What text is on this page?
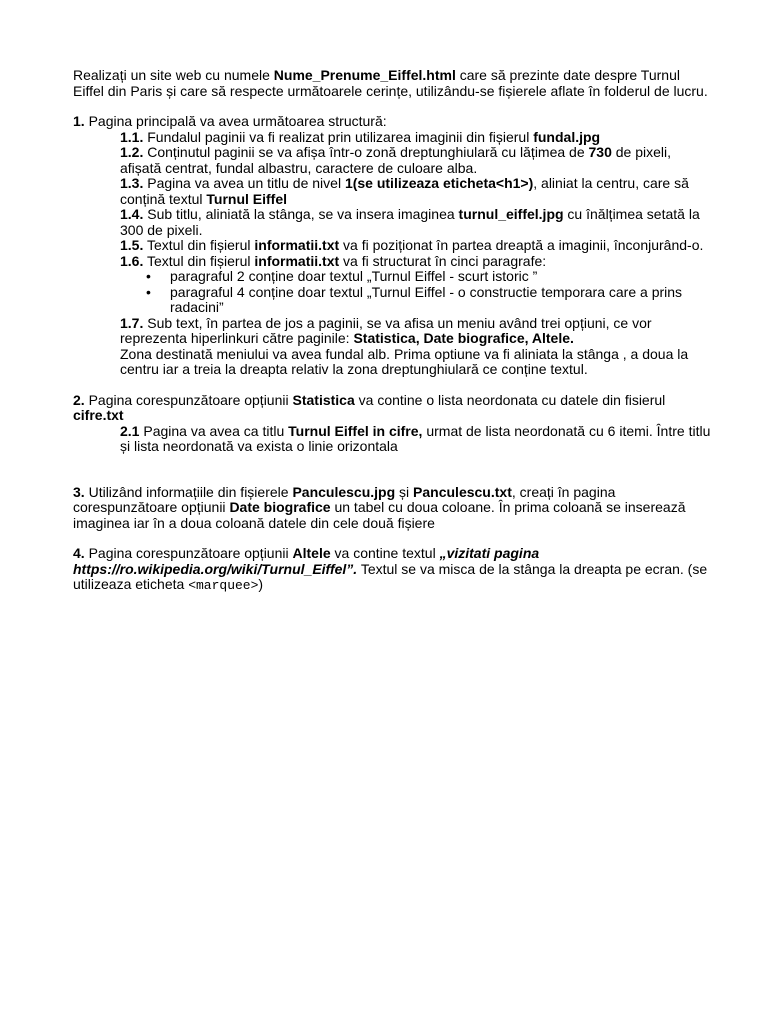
Realizați un site web cu numele Nume_Prenume_Eiffel.html care să prezinte date despre Turnul Eiffel din Paris și care să respecte următoarele cerințe, utilizându-se fișierele aflate în folderul de lucru.

1. Pagina principală va avea următoarea structură:

1.1. Fundalul paginii va fi realizat prin utilizarea imaginii din fișierul fundal.jpg

1.2. Conținutul paginii se va afișa într-o zonă dreptunghiulară cu lățimea de 730 de pixeli, afișată centrat, fundal albastru, caractere de culoare alba.

1.3. Pagina va avea un titlu de nivel 1(se utilizeaza eticheta<h1>), aliniat la centru, care să conțină textul Turnul Eiffel

1.4. Sub titlu, aliniată la stânga, se va insera imaginea turnul_eiffel.jpg cu înălțimea setată la 300 de pixeli.

1.5. Textul din fișierul informatii.txt va fi poziționat în partea dreaptă a imaginii, înconjurând-o.

1.6. Textul din fișierul informatii.txt va fi structurat în cinci paragrafe:

• paragraful 2 conține doar textul „Turnul Eiffel - scurt istoric ”
• paragraful 4 conține doar textul „Turnul Eiffel - o constructie temporara care a prins radacini”

1.7. Sub text, în partea de jos a paginii, se va afisa un meniu având trei opțiuni, ce vor reprezenta hiperlinkuri către paginile: Statistica, Date biografice, Altele.
Zona destinată meniului va avea fundal alb. Prima optiune va fi aliniata la stânga , a doua la centru iar a treia la dreapta relativ la zona dreptunghiulară ce conține textul.

2. Pagina corespunzătoare opțiunii Statistica va contine o lista neordonata cu datele din fisierul cifre.txt

2.1 Pagina va avea ca titlu Turnul Eiffel in cifre, urmat de lista neordonată cu 6 itemi. Între titlu și lista neordonată va exista o linie orizontala

3. Utilizând informațiile din fișierele Panculescu.jpg și Panculescu.txt, creați în pagina corespunzătoare opțiunii Date biografice un tabel cu doua coloane. În prima coloană se inserează imaginea iar în a doua coloană datele din cele două fișiere

4. Pagina corespunzătoare opțiunii Altele va contine textul „vizitati pagina https://ro.wikipedia.org/wiki/Turnul_Eiffel”. Textul se va misca de la stânga la dreapta pe ecran. (se utilizeaza eticheta <marquee>)
